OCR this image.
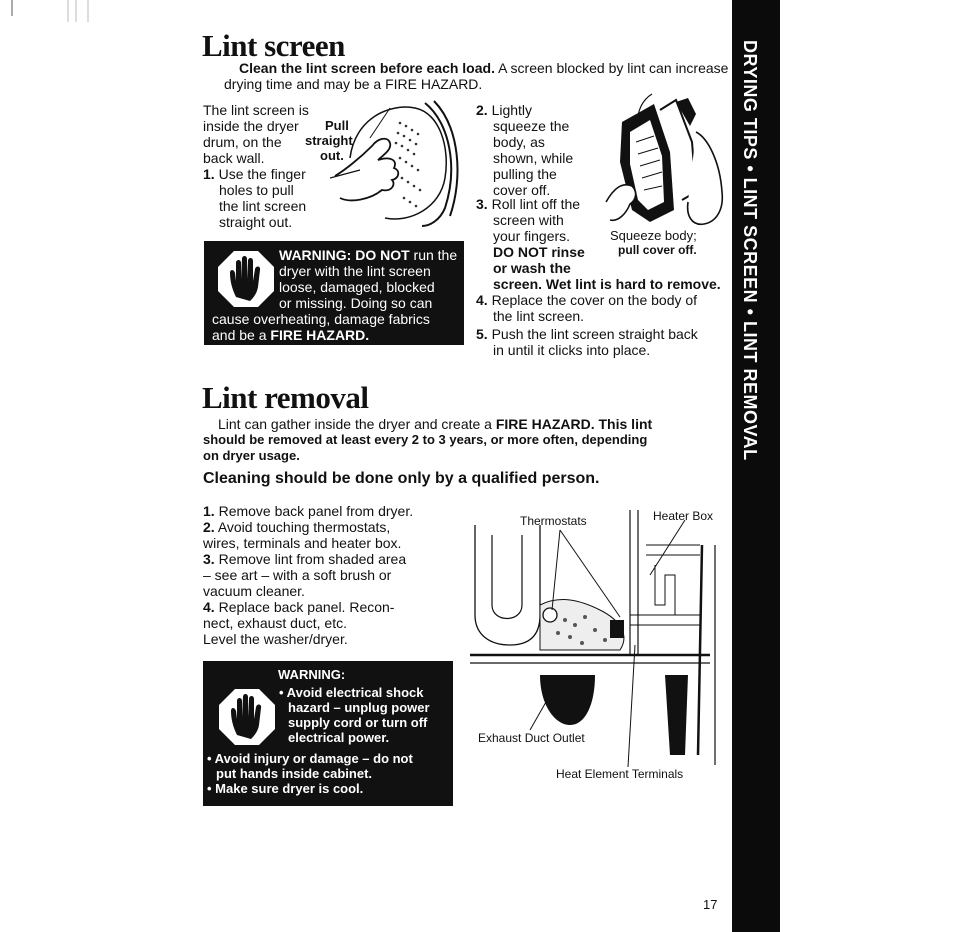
DRYING TIPS • LINT SCREEN • LINT REMOVAL
Lint screen

Clean the lint screen before each load. A screen blocked by lint can increase drying time and may be a FIRE HAZARD.

The lint screen is

inside the dryer

drum, on the

back wall.

Pull
straight
out.

1. Use the finger

holes to pull

the lint screen

straight out.

WARNING: DO NOT run the

dryer with the lint screen

loose, damaged, blocked

or missing. Doing so can

cause overheating, damage fabrics

and be a FIRE HAZARD.

2. Lightly

squeeze the

body, as

shown, while

pulling the

cover off.

3. Roll lint off the

screen with

your fingers.

DO NOT rinse

or wash the

screen. Wet lint is hard to remove.

Squeeze body;
pull cover off.

4. Replace the cover on the body of

the lint screen.

5. Push the lint screen straight back

in until it clicks into place.

Lint removal

Lint can gather inside the dryer and create a FIRE HAZARD. This lint

should be removed at least every 2 to 3 years, or more often, depending

on dryer usage.

Cleaning should be done only by a qualified person.

1. Remove back panel from dryer.

2. Avoid touching thermostats,

wires, terminals and heater box.

3. Remove lint from shaded area

– see art – with a soft brush or

vacuum cleaner.

4. Replace back panel. Recon-

nect, exhaust duct, etc.

Level the washer/dryer.

WARNING:

• Avoid electrical shock

hazard – unplug power

supply cord or turn off

electrical power.

• Avoid injury or damage – do not

put hands inside cabinet.

• Make sure dryer is cool.

Thermostats	Heater Box
Exhaust Duct Outlet
Heat Element Terminals
17
